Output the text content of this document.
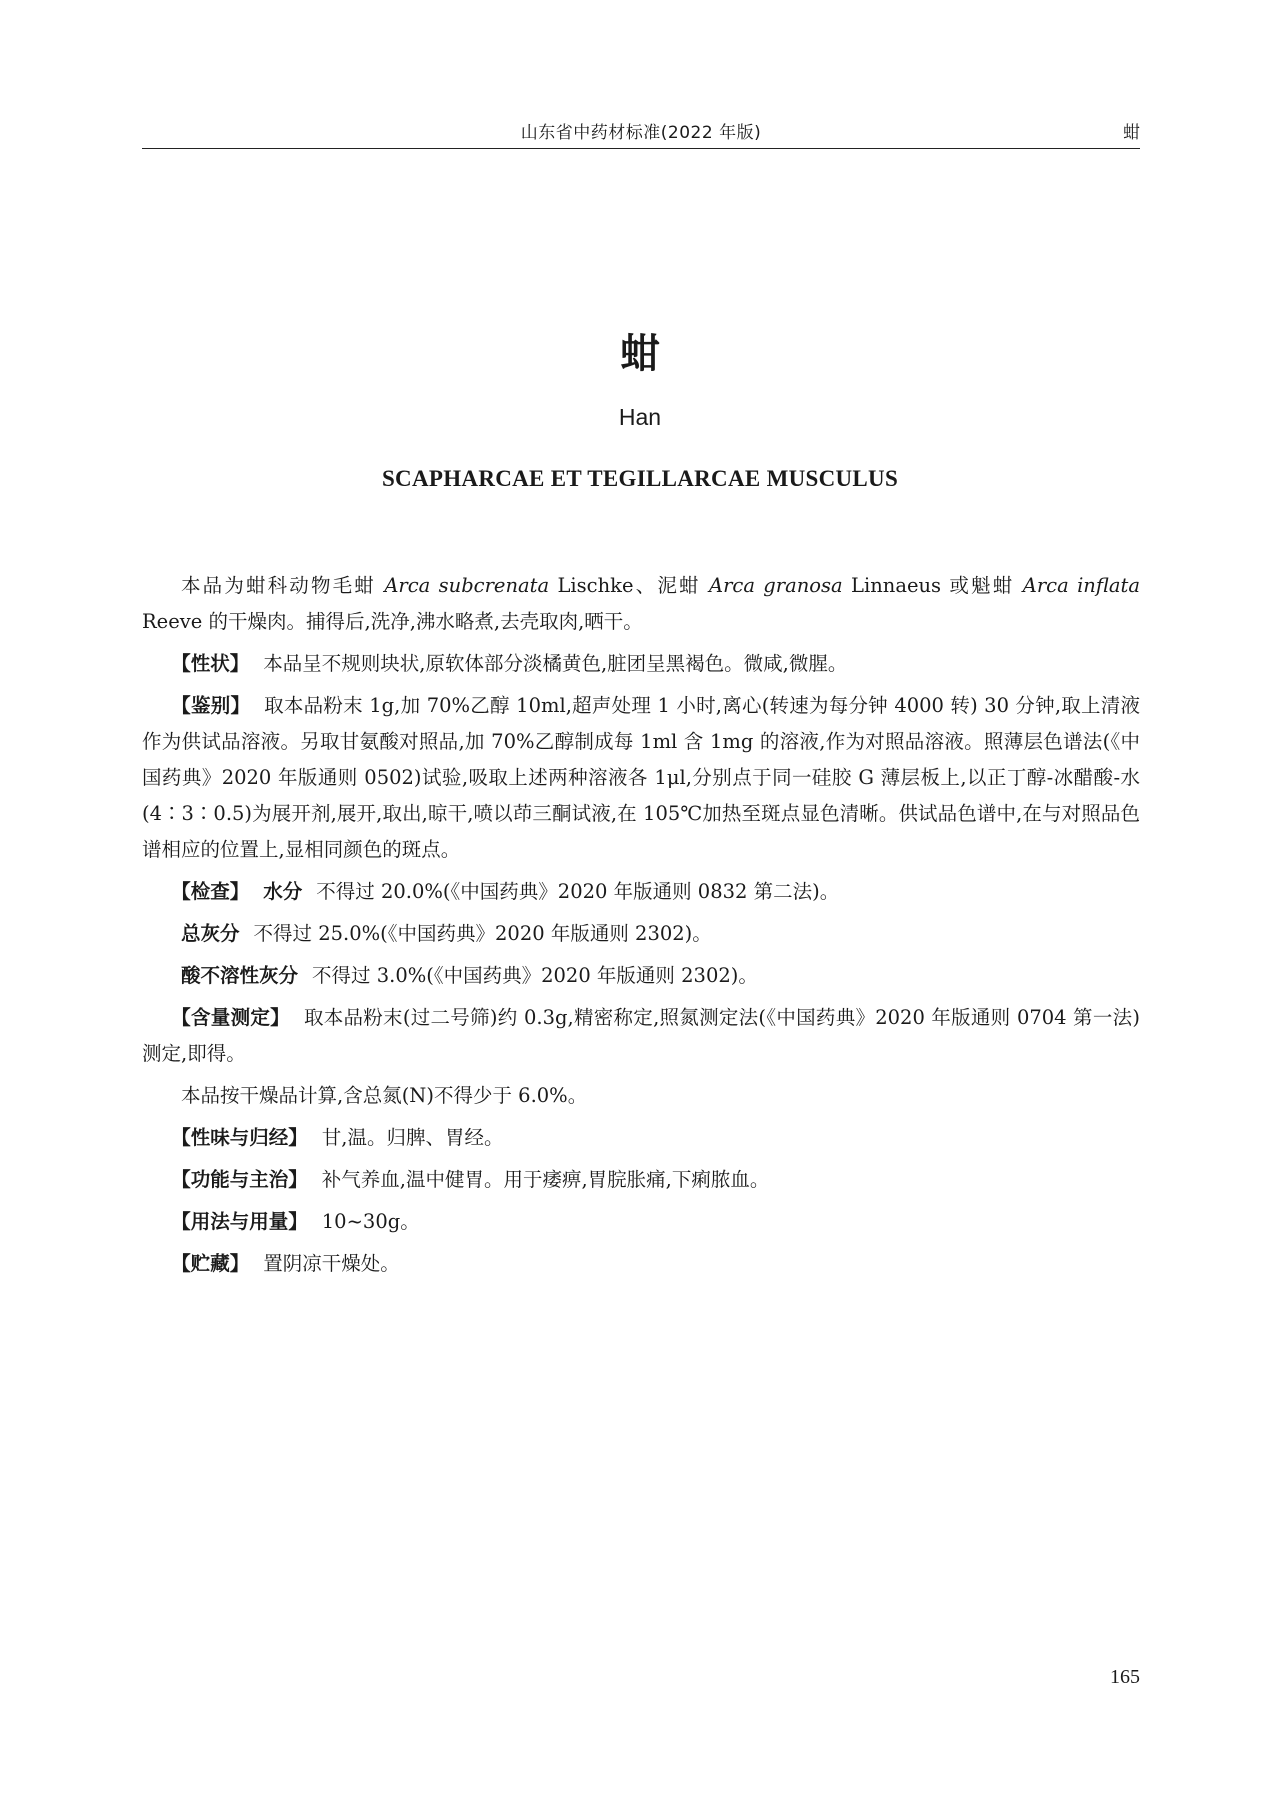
山东省中药材标准(2022 年版)	蚶
蚶
Han
SCAPHARCAE ET TEGILLARCAE MUSCULUS

本品为蚶科动物毛蚶 Arca subcrenata Lischke、泥蚶 Arca granosa Linnaeus 或魁蚶 Arca inflata Reeve 的干燥肉。捕得后,洗净,沸水略煮,去壳取肉,晒干。

【性状】 本品呈不规则块状,原软体部分淡橘黄色,脏团呈黑褐色。微咸,微腥。

【鉴别】 取本品粉末 1g,加 70%乙醇 10ml,超声处理 1 小时,离心(转速为每分钟 4000 转) 30 分钟,取上清液作为供试品溶液。另取甘氨酸对照品,加 70%乙醇制成每 1ml 含 1mg 的溶液,作为对照品溶液。照薄层色谱法(《中国药典》2020 年版通则 0502)试验,吸取上述两种溶液各 1μl,分别点于同一硅胶 G 薄层板上,以正丁醇-冰醋酸-水(4∶3∶0.5)为展开剂,展开,取出,晾干,喷以茚三酮试液,在 105℃加热至斑点显色清晰。供试品色谱中,在与对照品色谱相应的位置上,显相同颜色的斑点。

【检查】 水分 不得过 20.0%(《中国药典》2020 年版通则 0832 第二法)。

总灰分 不得过 25.0%(《中国药典》2020 年版通则 2302)。

酸不溶性灰分 不得过 3.0%(《中国药典》2020 年版通则 2302)。

【含量测定】 取本品粉末(过二号筛)约 0.3g,精密称定,照氮测定法(《中国药典》2020 年版通则 0704 第一法)测定,即得。

本品按干燥品计算,含总氮(N)不得少于 6.0%。

【性味与归经】 甘,温。归脾、胃经。

【功能与主治】 补气养血,温中健胃。用于痿痹,胃脘胀痛,下痢脓血。

【用法与用量】 10~30g。

【贮藏】 置阴凉干燥处。

165
